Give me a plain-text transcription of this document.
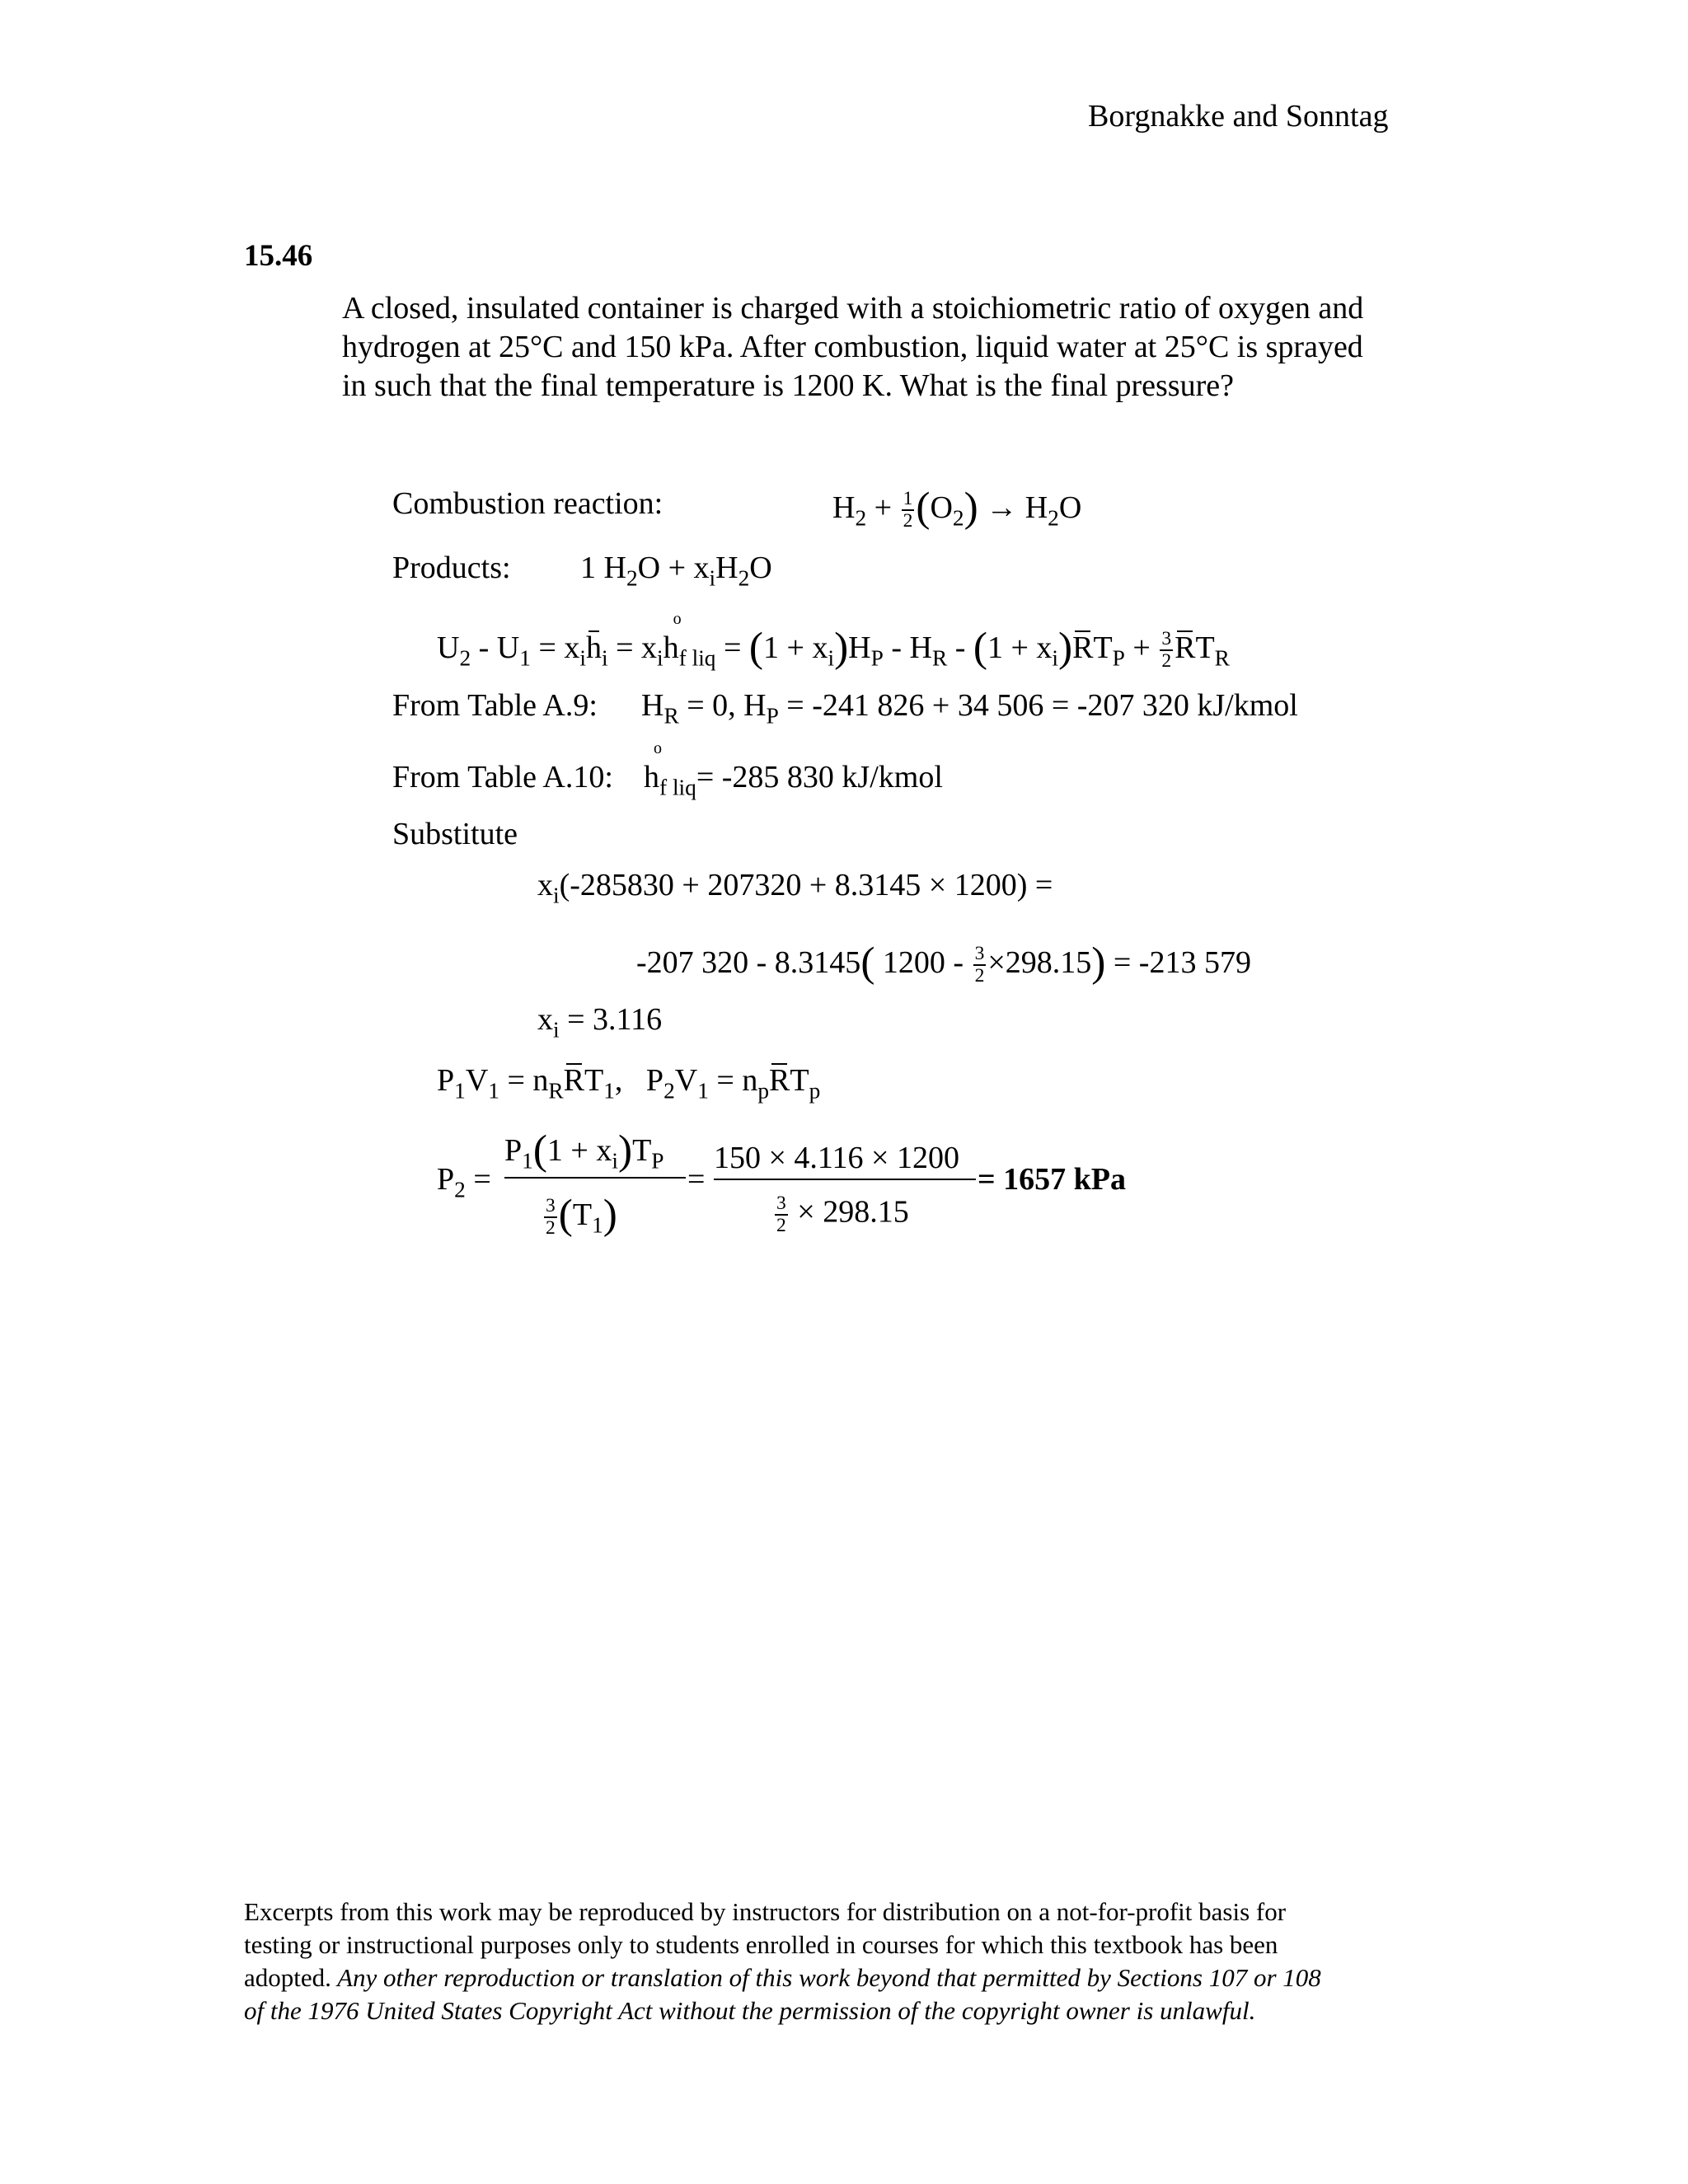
Borgnakke and Sonntag
15.46
A closed, insulated container is charged with a stoichiometric ratio of oxygen and
hydrogen at 25°C and 150 kPa. After combustion, liquid water at 25°C is sprayed
in such that the final temperature is 1200 K. What is the final pressure?
Combustion reaction:	$H_2 + \frac{1}{2} (O_2) \to H_2O$
Products: 1 $H_2O + x_iH_2O$
$U_2 - U_1 = x_ih_i = x_io$ $h_{f liq} = (1 + x_i)H_P - H_R - (1 + x_i)RT_P + \frac{3}{2} RT_R$
From Table A.9: $H_R = 0$, $H_P = -241$ 826 + 34 506 = -207 320 kJ/kmol
From Table A.10:
o $h_{f liq}= -285$ 830 kJ/kmol
Substitute
$x_i(-285830 + 207320 + 8.3145 \times 1200)$ =
-207 320 - 8.3145( $1200 - \frac{3}{2} \times 298.15) = -213$ 579
$x_i = 3.116$
$P_1V_1 = n_RRT_1$,   $P_2V_1 = n_pRT_p$
$P_2$ =
$P_1(1 + x_i)T_P$
$\frac{3}{2} (T_1)$
=
150 × 4.116 × 1200
$\frac{3}{2} \times 298.15$
= 1657 kPa
Excerpts from this work may be reproduced by instructors for distribution on a not-for-profit basis for
testing or instructional purposes only to students enrolled in courses for which this textbook has been
adopted. Any other reproduction or translation of this work beyond that permitted by Sections 107 or 108
of the 1976 United States Copyright Act without the permission of the copyright owner is unlawful.
